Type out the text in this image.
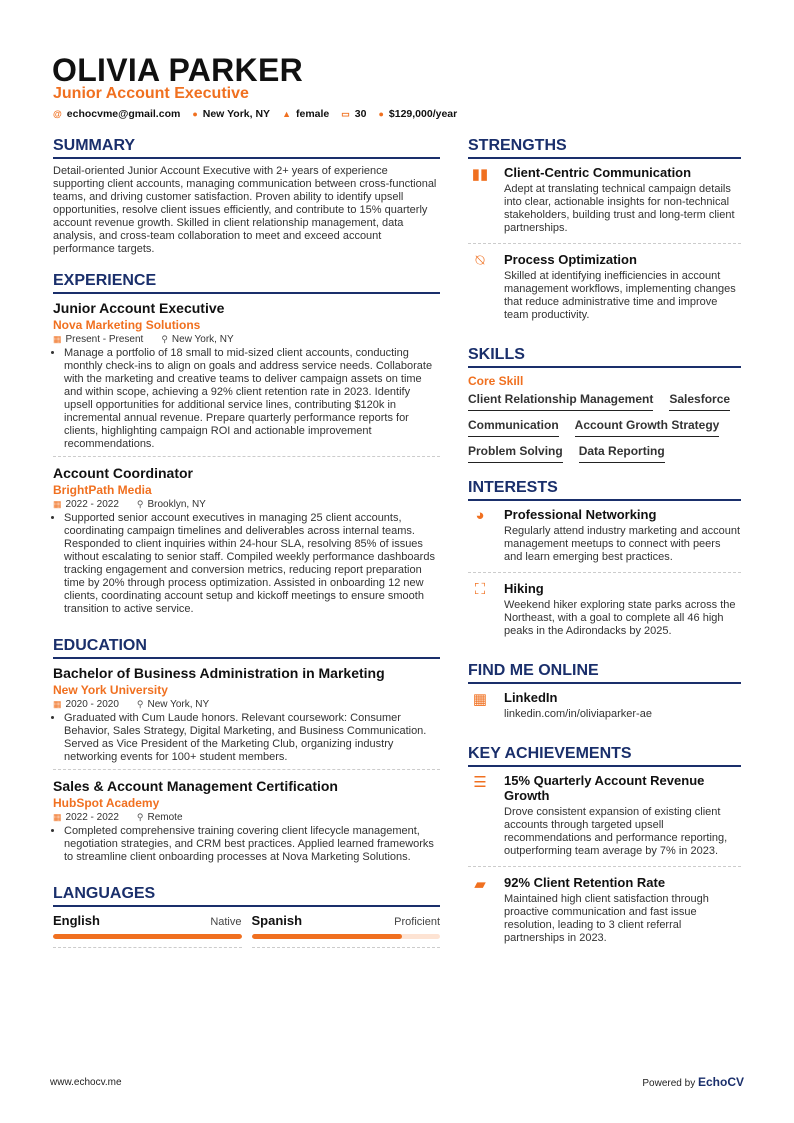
OLIVIA PARKER
Junior Account Executive
@ echocvme@gmail.com ● New York, NY ▲ female ▭ 30 ● $129,000/year
SUMMARY

Detail-oriented Junior Account Executive with 2+ years of experience supporting client accounts, managing communication between cross-functional teams, and driving customer satisfaction. Proven ability to identify upsell opportunities, resolve client issues efficiently, and contribute to 15% quarterly account revenue growth. Skilled in client relationship management, data analysis, and cross-team collaboration to meet and exceed account performance targets.

EXPERIENCE
Junior Account Executive
Nova Marketing Solutions
▦ Present - Present ⚲ New York, NY
• Manage a portfolio of 18 small to mid-sized client accounts, conducting monthly check-ins to align on goals and address service needs. Collaborate with the marketing and creative teams to deliver campaign assets on time and within scope, achieving a 92% client retention rate in 2023. Identify upsell opportunities for additional service lines, contributing $120k in incremental annual revenue. Prepare quarterly performance reports for clients, highlighting campaign ROI and actionable improvement recommendations.
Account Coordinator
BrightPath Media
▦ 2022 - 2022 ⚲ Brooklyn, NY
• Supported senior account executives in managing 25 client accounts, coordinating campaign timelines and deliverables across internal teams. Responded to client inquiries within 24-hour SLA, resolving 85% of issues without escalating to senior staff. Compiled weekly performance dashboards tracking engagement and conversion metrics, reducing report preparation time by 20% through process optimization. Assisted in onboarding 12 new clients, coordinating account setup and kickoff meetings to ensure smooth transition to active service.
EDUCATION
Bachelor of Business Administration in Marketing
New York University
▦ 2020 - 2020 ⚲ New York, NY
• Graduated with Cum Laude honors. Relevant coursework: Consumer Behavior, Sales Strategy, Digital Marketing, and Business Communication. Served as Vice President of the Marketing Club, organizing industry networking events for 100+ student members.
Sales & Account Management Certification
HubSpot Academy
▦ 2022 - 2022 ⚲ Remote
• Completed comprehensive training covering client lifecycle management, negotiation strategies, and CRM best practices. Applied learned frameworks to streamline client onboarding processes at Nova Marketing Solutions.
LANGUAGES
English	Native Spanish	Proficient
STRENGTHS
▮▮ Client-Centric Communication

Adept at translating technical campaign details into clear, actionable insights for non-technical stakeholders, building trust and long-term client partnerships.

⍉	Process Optimization

Skilled at identifying inefficiencies in account management workflows, implementing changes that reduce administrative time and improve team productivity.

SKILLS
Core Skill
Client Relationship Management Salesforce
Communication Account Growth Strategy
Problem Solving Data Reporting
INTERESTS
◕	Professional Networking

Regularly attend industry marketing and account management meetups to connect with peers and learn emerging best practices.

⛶	Hiking

Weekend hiker exploring state parks across the Northeast, with a goal to complete all 46 high peaks in the Adirondacks by 2025.

FIND ME ONLINE
▦	LinkedIn

linkedin.com/in/oliviaparker-ae

KEY ACHIEVEMENTS
☰	15% Quarterly Account Revenue Growth

Drove consistent expansion of existing client accounts through targeted upsell recommendations and performance reporting, outperforming team average by 7% in 2023.

▰	92% Client Retention Rate

Maintained high client satisfaction through proactive communication and fast issue resolution, leading to 3 client referral partnerships in 2023.

www.echocv.me	Powered by EchoCV
